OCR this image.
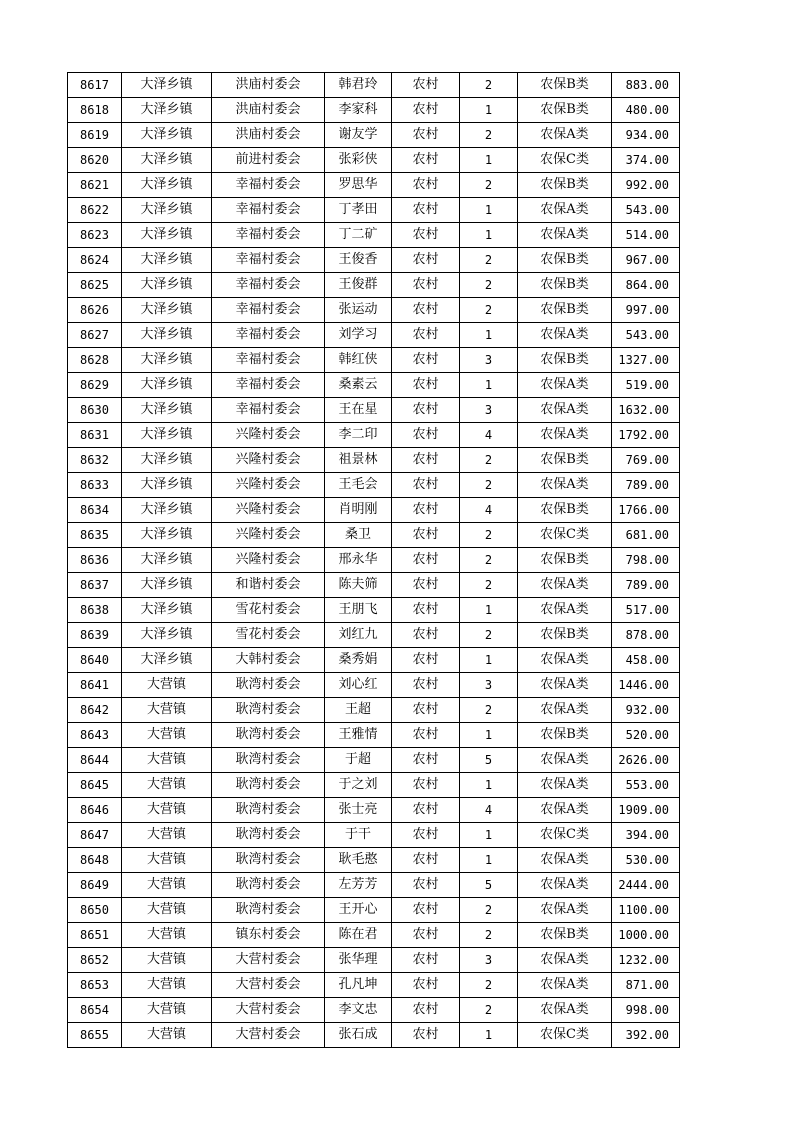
8617	大泽乡镇	洪庙村委会	韩君玲	农村	2	农保B类	883.00
8618	大泽乡镇	洪庙村委会	李家科	农村	1	农保B类	480.00
8619	大泽乡镇	洪庙村委会	谢友学	农村	2	农保A类	934.00
8620	大泽乡镇	前进村委会	张彩侠	农村	1	农保C类	374.00
8621	大泽乡镇	幸福村委会	罗思华	农村	2	农保B类	992.00
8622	大泽乡镇	幸福村委会	丁孝田	农村	1	农保A类	543.00
8623	大泽乡镇	幸福村委会	丁二矿	农村	1	农保A类	514.00
8624	大泽乡镇	幸福村委会	王俊香	农村	2	农保B类	967.00
8625	大泽乡镇	幸福村委会	王俊群	农村	2	农保B类	864.00
8626	大泽乡镇	幸福村委会	张运动	农村	2	农保B类	997.00
8627	大泽乡镇	幸福村委会	刘学习	农村	1	农保A类	543.00
8628	大泽乡镇	幸福村委会	韩红侠	农村	3	农保B类	1327.00
8629	大泽乡镇	幸福村委会	桑素云	农村	1	农保A类	519.00
8630	大泽乡镇	幸福村委会	王在星	农村	3	农保A类	1632.00
8631	大泽乡镇	兴隆村委会	李二印	农村	4	农保A类	1792.00
8632	大泽乡镇	兴隆村委会	祖景林	农村	2	农保B类	769.00
8633	大泽乡镇	兴隆村委会	王毛会	农村	2	农保A类	789.00
8634	大泽乡镇	兴隆村委会	肖明刚	农村	4	农保B类	1766.00
8635	大泽乡镇	兴隆村委会	桑卫	农村	2	农保C类	681.00
8636	大泽乡镇	兴隆村委会	邢永华	农村	2	农保B类	798.00
8637	大泽乡镇	和谐村委会	陈夫筛	农村	2	农保A类	789.00
8638	大泽乡镇	雪花村委会	王朋飞	农村	1	农保A类	517.00
8639	大泽乡镇	雪花村委会	刘红九	农村	2	农保B类	878.00
8640	大泽乡镇	大韩村委会	桑秀娟	农村	1	农保A类	458.00
8641	大营镇	耿湾村委会	刘心红	农村	3	农保A类	1446.00
8642	大营镇	耿湾村委会	王超	农村	2	农保A类	932.00
8643	大营镇	耿湾村委会	王雅情	农村	1	农保B类	520.00
8644	大营镇	耿湾村委会	于超	农村	5	农保A类	2626.00
8645	大营镇	耿湾村委会	于之刘	农村	1	农保A类	553.00
8646	大营镇	耿湾村委会	张士亮	农村	4	农保A类	1909.00
8647	大营镇	耿湾村委会	于干	农村	1	农保C类	394.00
8648	大营镇	耿湾村委会	耿毛憨	农村	1	农保A类	530.00
8649	大营镇	耿湾村委会	左芳芳	农村	5	农保A类	2444.00
8650	大营镇	耿湾村委会	王开心	农村	2	农保A类	1100.00
8651	大营镇	镇东村委会	陈在君	农村	2	农保B类	1000.00
8652	大营镇	大营村委会	张华理	农村	3	农保A类	1232.00
8653	大营镇	大营村委会	孔凡坤	农村	2	农保A类	871.00
8654	大营镇	大营村委会	李文忠	农村	2	农保A类	998.00
8655	大营镇	大营村委会	张石成	农村	1	农保C类	392.00
